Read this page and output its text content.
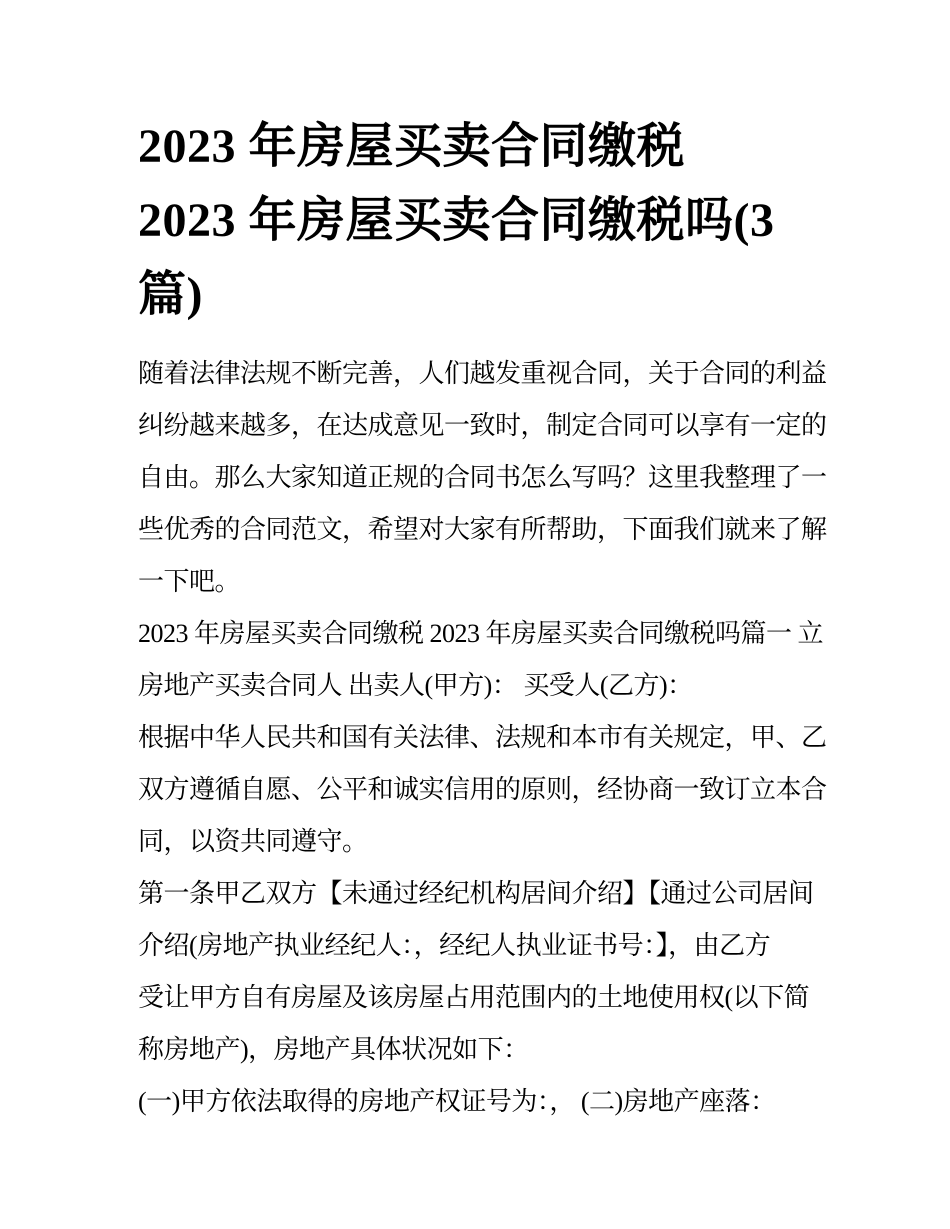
2023 年房屋买卖合同缴税
2023 年房屋买卖合同缴税吗(3
篇)
随着法律法规不断完善，人们越发重视合同，关于合同的利益
纠纷越来越多，在达成意见一致时，制定合同可以享有一定的
自由。那么大家知道正规的合同书怎么写吗？这里我整理了一
些优秀的合同范文，希望对大家有所帮助，下面我们就来了解
一下吧。
2023 年房屋买卖合同缴税 2023 年房屋买卖合同缴税吗篇一 立
房地产买卖合同人 出卖人(甲方)： 买受人(乙方)：
根据中华人民共和国有关法律、法规和本市有关规定，甲、乙
双方遵循自愿、公平和诚实信用的原则，经协商一致订立本合
同，以资共同遵守。
第一条甲乙双方【未通过经纪机构居间介绍】【通过公司居间
介绍(房地产执业经纪人：，经纪人执业证书号：】，由乙方
受让甲方自有房屋及该房屋占用范围内的土地使用权(以下简
称房地产)，房地产具体状况如下：
(一)甲方依法取得的房地产权证号为：， (二)房地产座落：
